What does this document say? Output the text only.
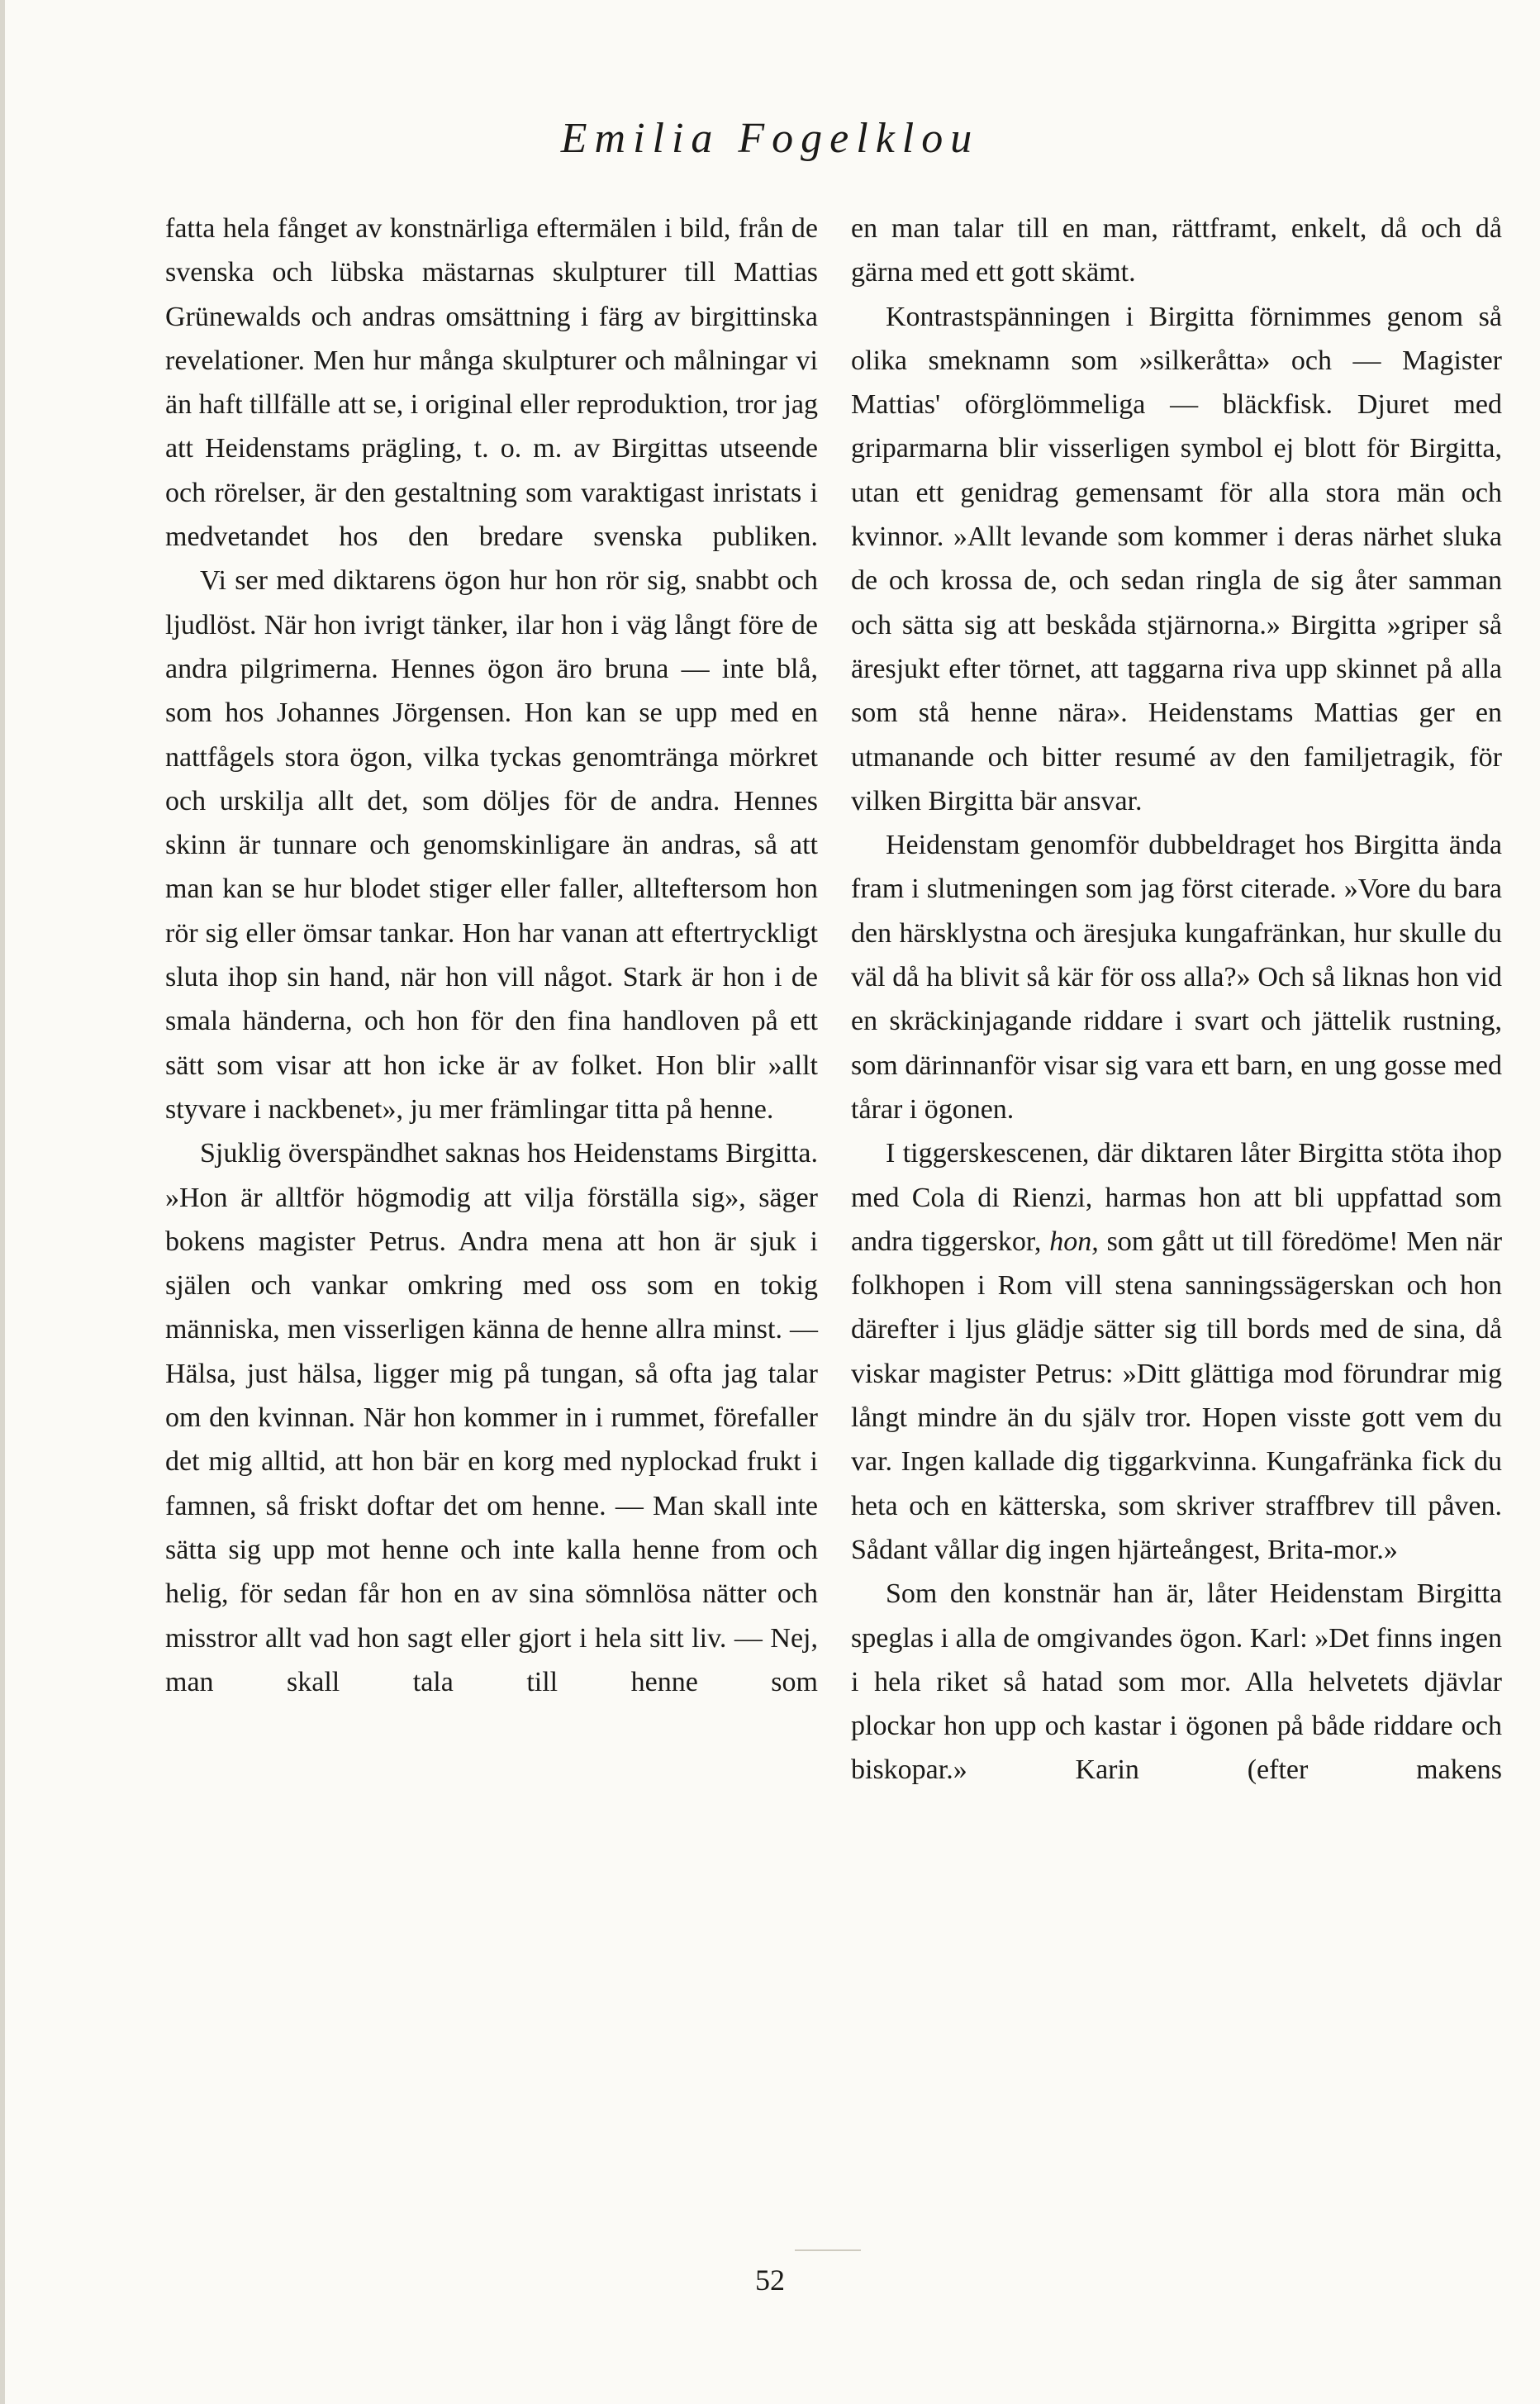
Emilia Fogelklou

fatta hela fånget av konstnärliga eftermälen i bild, från de svenska och lübska mästarnas skulpturer till Mattias Grünewalds och andras omsättning i färg av birgittinska revelationer. Men hur många skulpturer och målningar vi än haft tillfälle att se, i original eller reproduktion, tror jag att Heidenstams prägling, t. o. m. av Birgittas utseende och rörelser, är den gestaltning som varaktigast inristats i medvetandet hos den bredare svenska publiken.

Vi ser med diktarens ögon hur hon rör sig, snabbt och ljudlöst. När hon ivrigt tänker, ilar hon i väg långt före de andra pilgrimerna. Hennes ögon äro bruna — inte blå, som hos Johannes Jörgensen. Hon kan se upp med en nattfågels stora ögon, vilka tyckas genomtränga mörkret och urskilja allt det, som döljes för de andra. Hennes skinn är tunnare och genomskinligare än andras, så att man kan se hur blodet stiger eller faller, allteftersom hon rör sig eller ömsar tankar. Hon har vanan att eftertryckligt sluta ihop sin hand, när hon vill något. Stark är hon i de smala händerna, och hon för den fina handloven på ett sätt som visar att hon icke är av folket. Hon blir »allt styvare i nackbenet», ju mer främlingar titta på henne.

Sjuklig överspändhet saknas hos Heidenstams Birgitta. »Hon är alltför högmodig att vilja förställa sig», säger bokens magister Petrus. Andra mena att hon är sjuk i själen och vankar omkring med oss som en tokig människa, men visserligen känna de henne allra minst. — Hälsa, just hälsa, ligger mig på tungan, så ofta jag talar om den kvinnan. När hon kommer in i rummet, förefaller det mig alltid, att hon bär en korg med nyplockad frukt i famnen, så friskt doftar det om henne. — Man skall inte sätta sig upp mot henne och inte kalla henne from och helig, för sedan får hon en av sina sömnlösa nätter och misstror allt vad hon sagt eller gjort i hela sitt liv. — Nej, man skall tala till henne som

en man talar till en man, rättframt, enkelt, då och då gärna med ett gott skämt.

Kontrastspänningen i Birgitta förnimmes genom så olika smeknamn som »silkeråtta» och — Magister Mattias' oförglömmeliga — bläckfisk. Djuret med griparmarna blir visserligen symbol ej blott för Birgitta, utan ett genidrag gemensamt för alla stora män och kvinnor. »Allt levande som kommer i deras närhet sluka de och krossa de, och sedan ringla de sig åter samman och sätta sig att beskåda stjärnorna.» Birgitta »griper så äresjukt efter törnet, att taggarna riva upp skinnet på alla som stå henne nära». Heidenstams Mattias ger en utmanande och bitter resumé av den familjetragik, för vilken Birgitta bär ansvar.

Heidenstam genomför dubbeldraget hos Birgitta ända fram i slutmeningen som jag först citerade. »Vore du bara den härsklystna och äresjuka kungafränkan, hur skulle du väl då ha blivit så kär för oss alla?» Och så liknas hon vid en skräckinjagande riddare i svart och jättelik rustning, som därinnanför visar sig vara ett barn, en ung gosse med tårar i ögonen.

I tiggerskescenen, där diktaren låter Birgitta stöta ihop med Cola di Rienzi, harmas hon att bli uppfattad som andra tiggerskor, hon, som gått ut till föredöme! Men när folkhopen i Rom vill stena sanningssägerskan och hon därefter i ljus glädje sätter sig till bords med de sina, då viskar magister Petrus: »Ditt glättiga mod förundrar mig långt mindre än du själv tror. Hopen visste gott vem du var. Ingen kallade dig tiggarkvinna. Kungafränka fick du heta och en kätterska, som skriver straffbrev till påven. Sådant vållar dig ingen hjärteångest, Brita-mor.»

Som den konstnär han är, låter Heidenstam Birgitta speglas i alla de omgivandes ögon. Karl: »Det finns ingen i hela riket så hatad som mor. Alla helvetets djävlar plockar hon upp och kastar i ögonen på både riddare och biskopar.» Karin (efter makens

52
